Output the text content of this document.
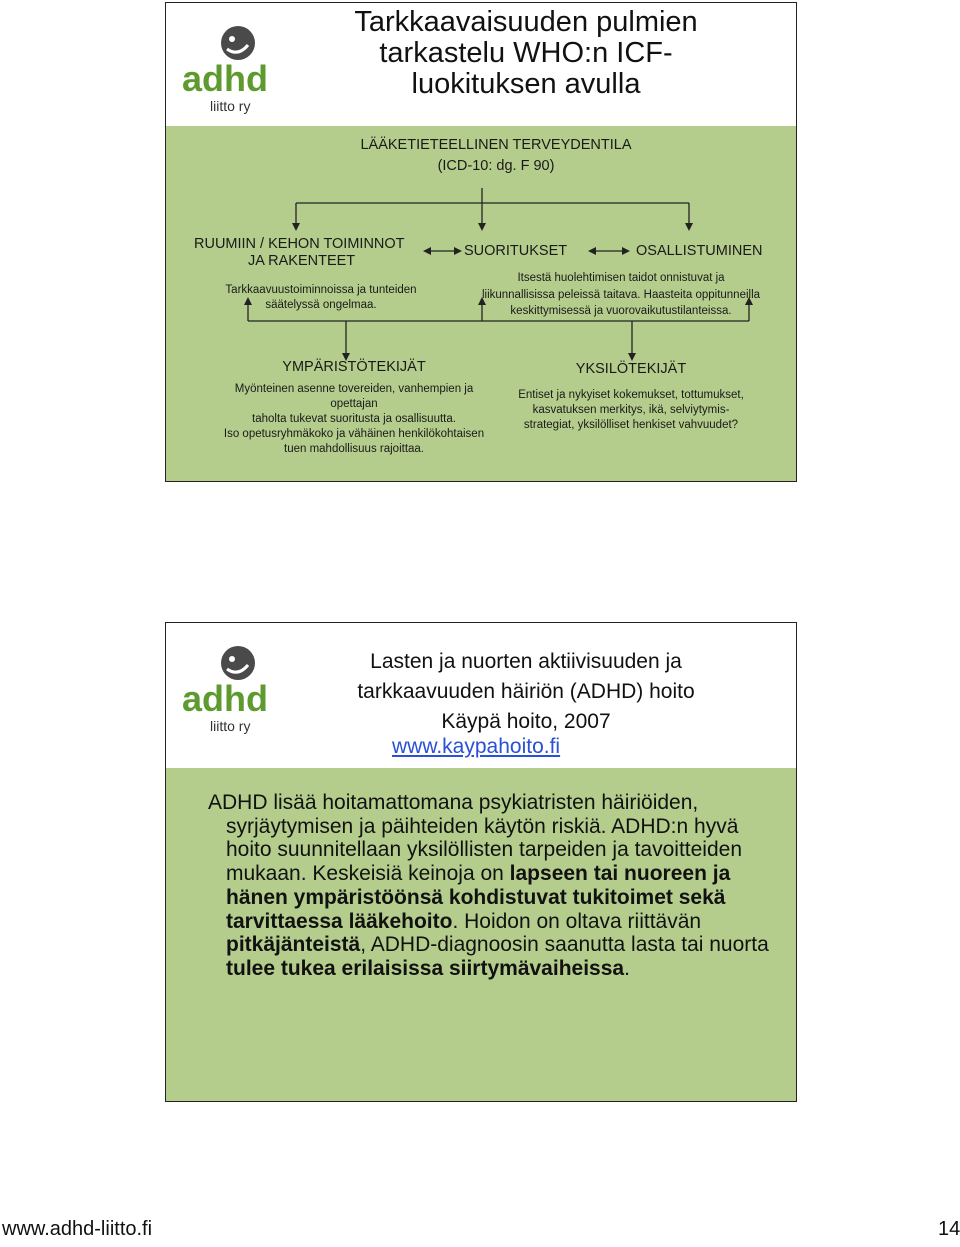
adhd
liitto ry
Tarkkaavaisuuden pulmien
tarkastelu WHO:n ICF-
luokituksen avulla
LÄÄKETIETEELLINEN TERVEYDENTILA
(ICD-10: dg. F 90)
RUUMIIN / KEHON TOIMINNOT
JA RAKENTEET
Tarkkaavuustoiminnoissa ja tunteiden
säätelyssä ongelmaa.
SUORITUKSET	OSALLISTUMINEN
Itsestä huolehtimisen taidot onnistuvat ja
liikunnallisissa peleissä taitava. Haasteita oppitunneilla
keskittymisessä ja vuorovaikutustilanteissa.
YMPÄRISTÖTEKIJÄT
Myönteinen asenne tovereiden, vanhempien ja
opettajan
taholta tukevat suoritusta ja osallisuutta.
Iso opetusryhmäkoko ja vähäinen henkilökohtaisen
tuen mahdollisuus rajoittaa.
YKSILÖTEKIJÄT
Entiset ja nykyiset kokemukset, tottumukset,
kasvatuksen merkitys, ikä, selviytymis-
strategiat, yksilölliset henkiset vahvuudet?
adhd
liitto ry
Lasten ja nuorten aktiivisuuden ja
tarkkaavuuden häiriön (ADHD) hoito
Käypä hoito, 2007
www.kaypahoito.fi

ADHD lisää hoitamattomana psykiatristen häiriöiden, syrjäytymisen ja päihteiden käytön riskiä. ADHD:n hyvä hoito suunnitellaan yksilöllisten tarpeiden ja tavoitteiden mukaan. Keskeisiä keinoja on lapseen tai nuoreen ja hänen ympäristöönsä kohdistuvat tukitoimet sekä tarvittaessa lääkehoito. Hoidon on oltava riittävän pitkäjänteistä, ADHD-diagnoosin saanutta lasta tai nuorta tulee tukea erilaisissa siirtymävaiheissa.

www.adhd-liitto.fi	14
